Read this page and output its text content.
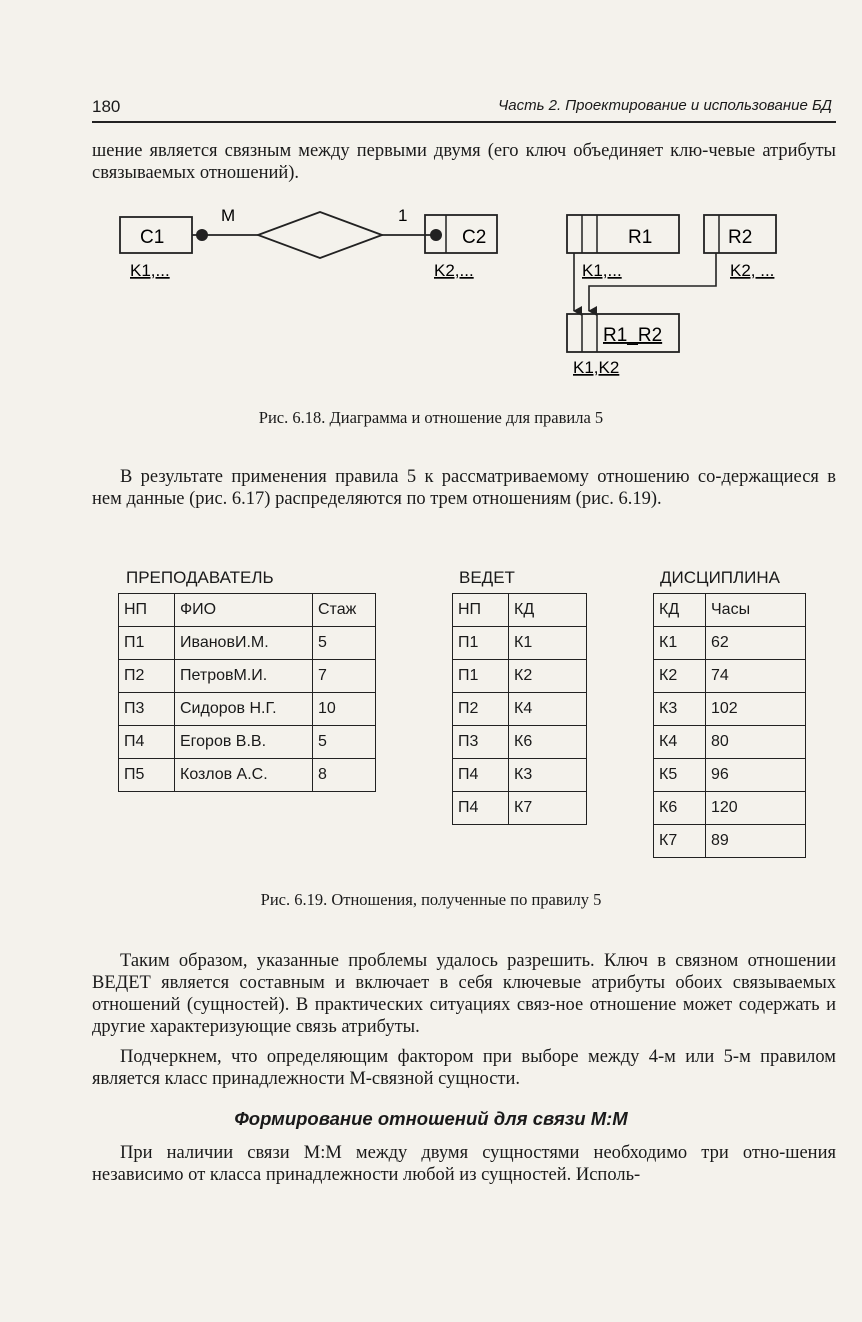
180	Часть 2. Проектирование и использование БД

шение является связным между первыми двумя (его ключ объединяет клю-чевые атрибуты связываемых отношений).

C1
M
K1,...
1
C2
K2,...
R1
K1,...
R2
K2, ...
R1_R2
K1,K2

Рис. 6.18. Диаграмма и отношение для правила 5

В результате применения правила 5 к рассматриваемому отношению со-держащиеся в нем данные (рис. 6.17) распределяются по трем отношениям (рис. 6.19).

ПРЕПОДАВАТЕЛЬ	ВЕДЕТ	ДИСЦИПЛИНА
НП	ФИО	Стаж
П1	ИвановИ.М.	5
П2	ПетровМ.И.	7
П3	Сидоров Н.Г.	10
П4	Егоров В.В.	5
П5	Козлов А.С.	8
НП	КД
П1	К1
П1	К2
П2	К4
П3	К6
П4	К3
П4	К7
КД	Часы
К1	62
К2	74
К3	102
К4	80
К5	96
К6	120
К7	89

Рис. 6.19. Отношения, полученные по правилу 5

Таким образом, указанные проблемы удалось разрешить. Ключ в связном отношении ВЕДЕТ является составным и включает в себя ключевые атрибуты обоих связываемых отношений (сущностей). В практических ситуациях связ-ное отношение может содержать и другие характеризующие связь атрибуты.

Подчеркнем, что определяющим фактором при выборе между 4-м или 5-м правилом является класс принадлежности М-связной сущности.

Формирование отношений для связи М:М

При наличии связи М:М между двумя сущностями необходимо три отно-шения независимо от класса принадлежности любой из сущностей. Исполь-
